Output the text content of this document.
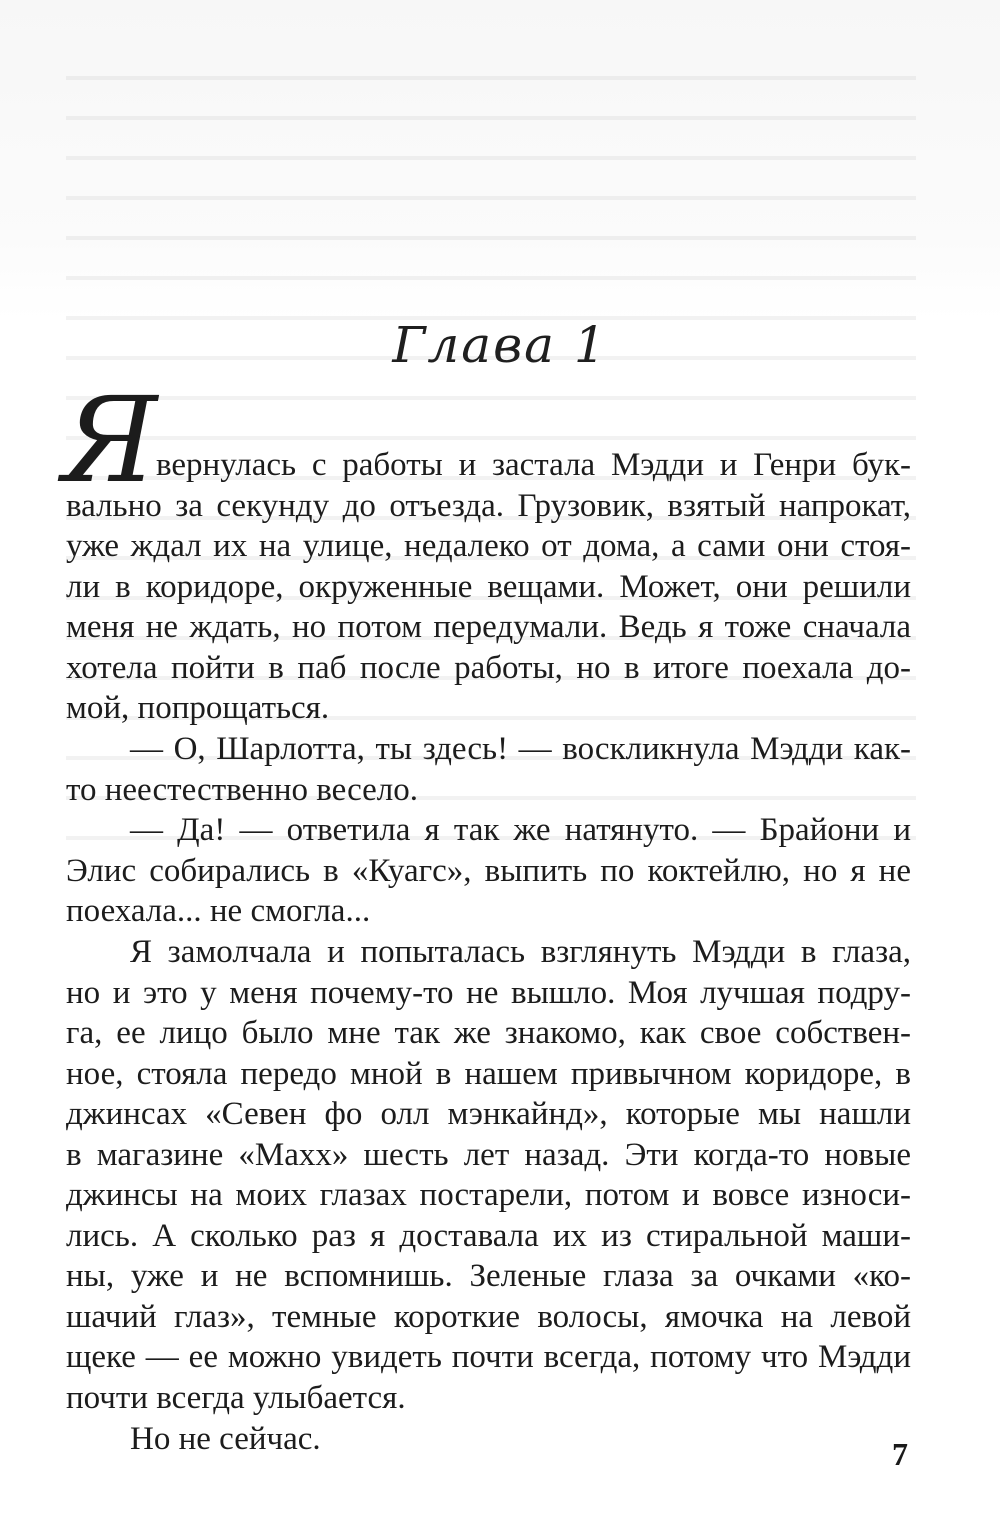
Глава 1
Я
вернулась с работы и застала Мэдди и Генри бук-
вально за секунду до отъезда. Грузовик, взятый напрокат,
уже ждал их на улице, недалеко от дома, а сами они стоя-
ли в коридоре, окруженные вещами. Может, они решили
меня не ждать, но потом передумали. Ведь я тоже сначала
хотела пойти в паб после работы, но в итоге поехала до-
мой, попрощаться.
— О, Шарлотта, ты здесь! — воскликнула Мэдди как-
то неестественно весело.
— Да! — ответила я так же натянуто. — Брайони и
Элис собирались в «Куагс», выпить по коктейлю, но я не
поехала... не смогла...
Я замолчала и попыталась взглянуть Мэдди в глаза,
но и это у меня почему-то не вышло. Моя лучшая подру-
га, ее лицо было мне так же знакомо, как свое собствен-
ное, стояла передо мной в нашем привычном коридоре, в
джинсах «Севен фо олл мэнкайнд», которые мы нашли
в магазине «Maxx» шесть лет назад. Эти когда-то новые
джинсы на моих глазах постарели, потом и вовсе износи-
лись. А сколько раз я доставала их из стиральной маши-
ны, уже и не вспомнишь. Зеленые глаза за очками «ко-
шачий глаз», темные короткие волосы, ямочка на левой
щеке — ее можно увидеть почти всегда, потому что Мэдди
почти всегда улыбается.
Но не сейчас.	7
